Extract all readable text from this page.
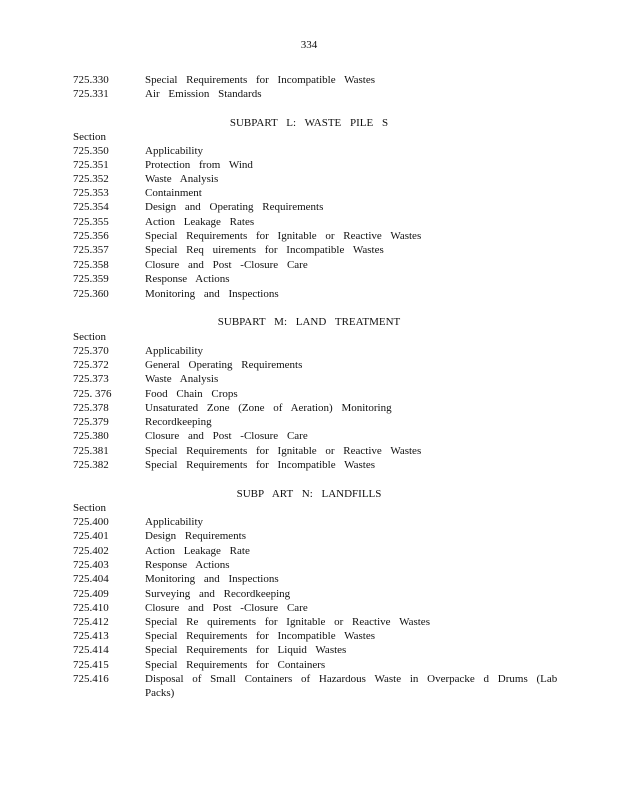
334
725.330	Special Requirements for Incompatible Wastes
725.331	Air Emission Standards
SUBPART L: WASTE PILE S
Section
725.350	Applicability
725.351	Protection from Wind
725.352	Waste Analysis
725.353	Containment
725.354	Design and Operating Requirements
725.355	Action Leakage Rates
725.356	Special Requirements for Ignitable or Reactive Wastes
725.357	Special Req uirements for Incompatible Wastes
725.358	Closure and Post -Closure Care
725.359	Response Actions
725.360	Monitoring and Inspections
SUBPART M: LAND TREATMENT
Section
725.370	Applicability
725.372	General Operating Requirements
725.373	Waste Analysis
725. 376	Food Chain Crops
725.378	Unsaturated Zone (Zone of Aeration) Monitoring
725.379	Recordkeeping
725.380	Closure and Post -Closure Care
725.381	Special Requirements for Ignitable or Reactive Wastes
725.382	Special Requirements for Incompatible Wastes
SUBP ART N: LANDFILLS
Section
725.400	Applicability
725.401	Design Requirements
725.402	Action Leakage Rate
725.403	Response Actions
725.404	Monitoring and Inspections
725.409	Surveying and Recordkeeping
725.410	Closure and Post -Closure Care
725.412	Special Re quirements for Ignitable or Reactive Wastes
725.413	Special Requirements for Incompatible Wastes
725.414	Special Requirements for Liquid Wastes
725.415	Special Requirements for Containers
725.416	Disposal of Small Containers of Hazardous Waste in Overpacke d Drums (Lab
Packs)
